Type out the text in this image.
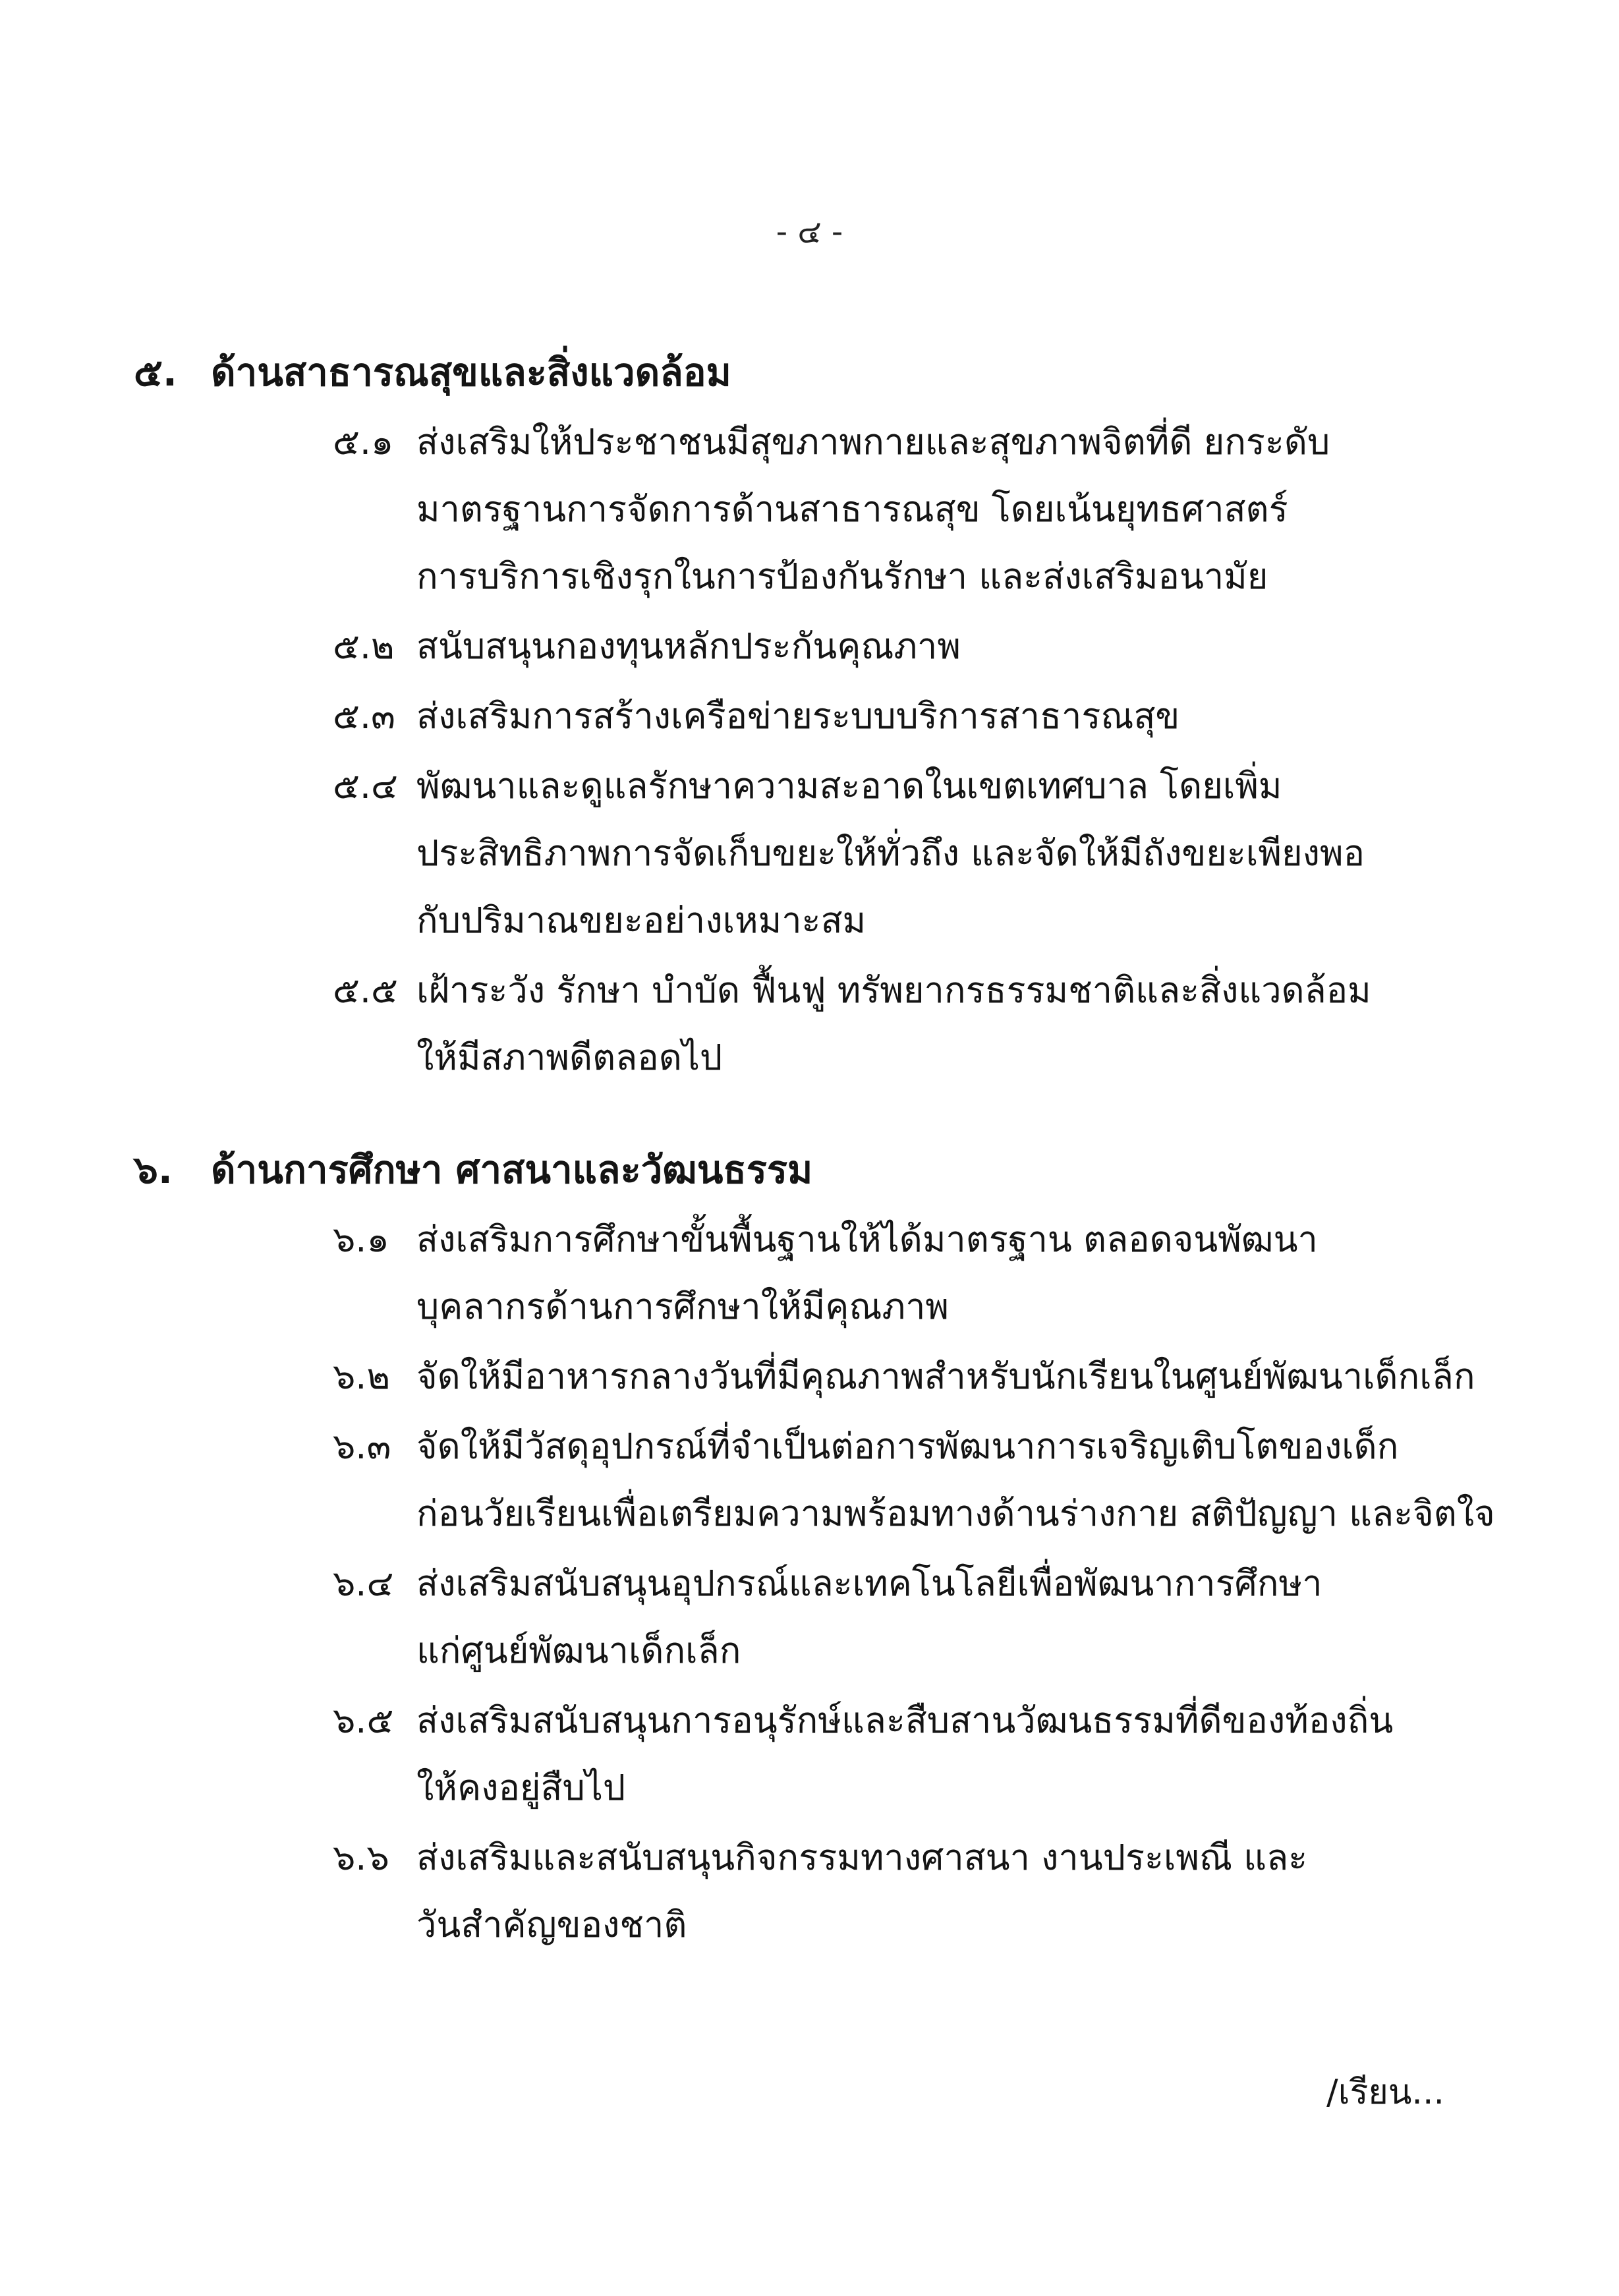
- ๔ -
๕. ด้านสาธารณสุขและสิ่งแวดล้อม
๕.๑ ส่งเสริมให้ประชาชนมีสุขภาพกายและสุขภาพจิตที่ดี ยกระดับ
มาตรฐานการจัดการด้านสาธารณสุข โดยเน้นยุทธศาสตร์
การบริการเชิงรุกในการป้องกันรักษา และส่งเสริมอนามัย
๕.๒ สนับสนุนกองทุนหลักประกันคุณภาพ
๕.๓ ส่งเสริมการสร้างเครือข่ายระบบบริการสาธารณสุข
๕.๔ พัฒนาและดูแลรักษาความสะอาดในเขตเทศบาล โดยเพิ่ม
ประสิทธิภาพการจัดเก็บขยะให้ทั่วถึง และจัดให้มีถังขยะเพียงพอ
กับปริมาณขยะอย่างเหมาะสม
๕.๕ เฝ้าระวัง รักษา บำบัด ฟื้นฟู ทรัพยากรธรรมชาติและสิ่งแวดล้อม
ให้มีสภาพดีตลอดไป
๖. ด้านการศึกษา ศาสนาและวัฒนธรรม
๖.๑ ส่งเสริมการศึกษาขั้นพื้นฐานให้ได้มาตรฐาน ตลอดจนพัฒนา
บุคลากรด้านการศึกษาให้มีคุณภาพ
๖.๒ จัดให้มีอาหารกลางวันที่มีคุณภาพสำหรับนักเรียนในศูนย์พัฒนาเด็กเล็ก
๖.๓ จัดให้มีวัสดุอุปกรณ์ที่จำเป็นต่อการพัฒนาการเจริญเติบโตของเด็ก
ก่อนวัยเรียนเพื่อเตรียมความพร้อมทางด้านร่างกาย สติปัญญา และจิตใจ
๖.๔ ส่งเสริมสนับสนุนอุปกรณ์และเทคโนโลยีเพื่อพัฒนาการศึกษา
แก่ศูนย์พัฒนาเด็กเล็ก
๖.๕ ส่งเสริมสนับสนุนการอนุรักษ์และสืบสานวัฒนธรรมที่ดีของท้องถิ่น
ให้คงอยู่สืบไป
๖.๖ ส่งเสริมและสนับสนุนกิจกรรมทางศาสนา งานประเพณี และ
วันสำคัญของชาติ
/เรียน...
